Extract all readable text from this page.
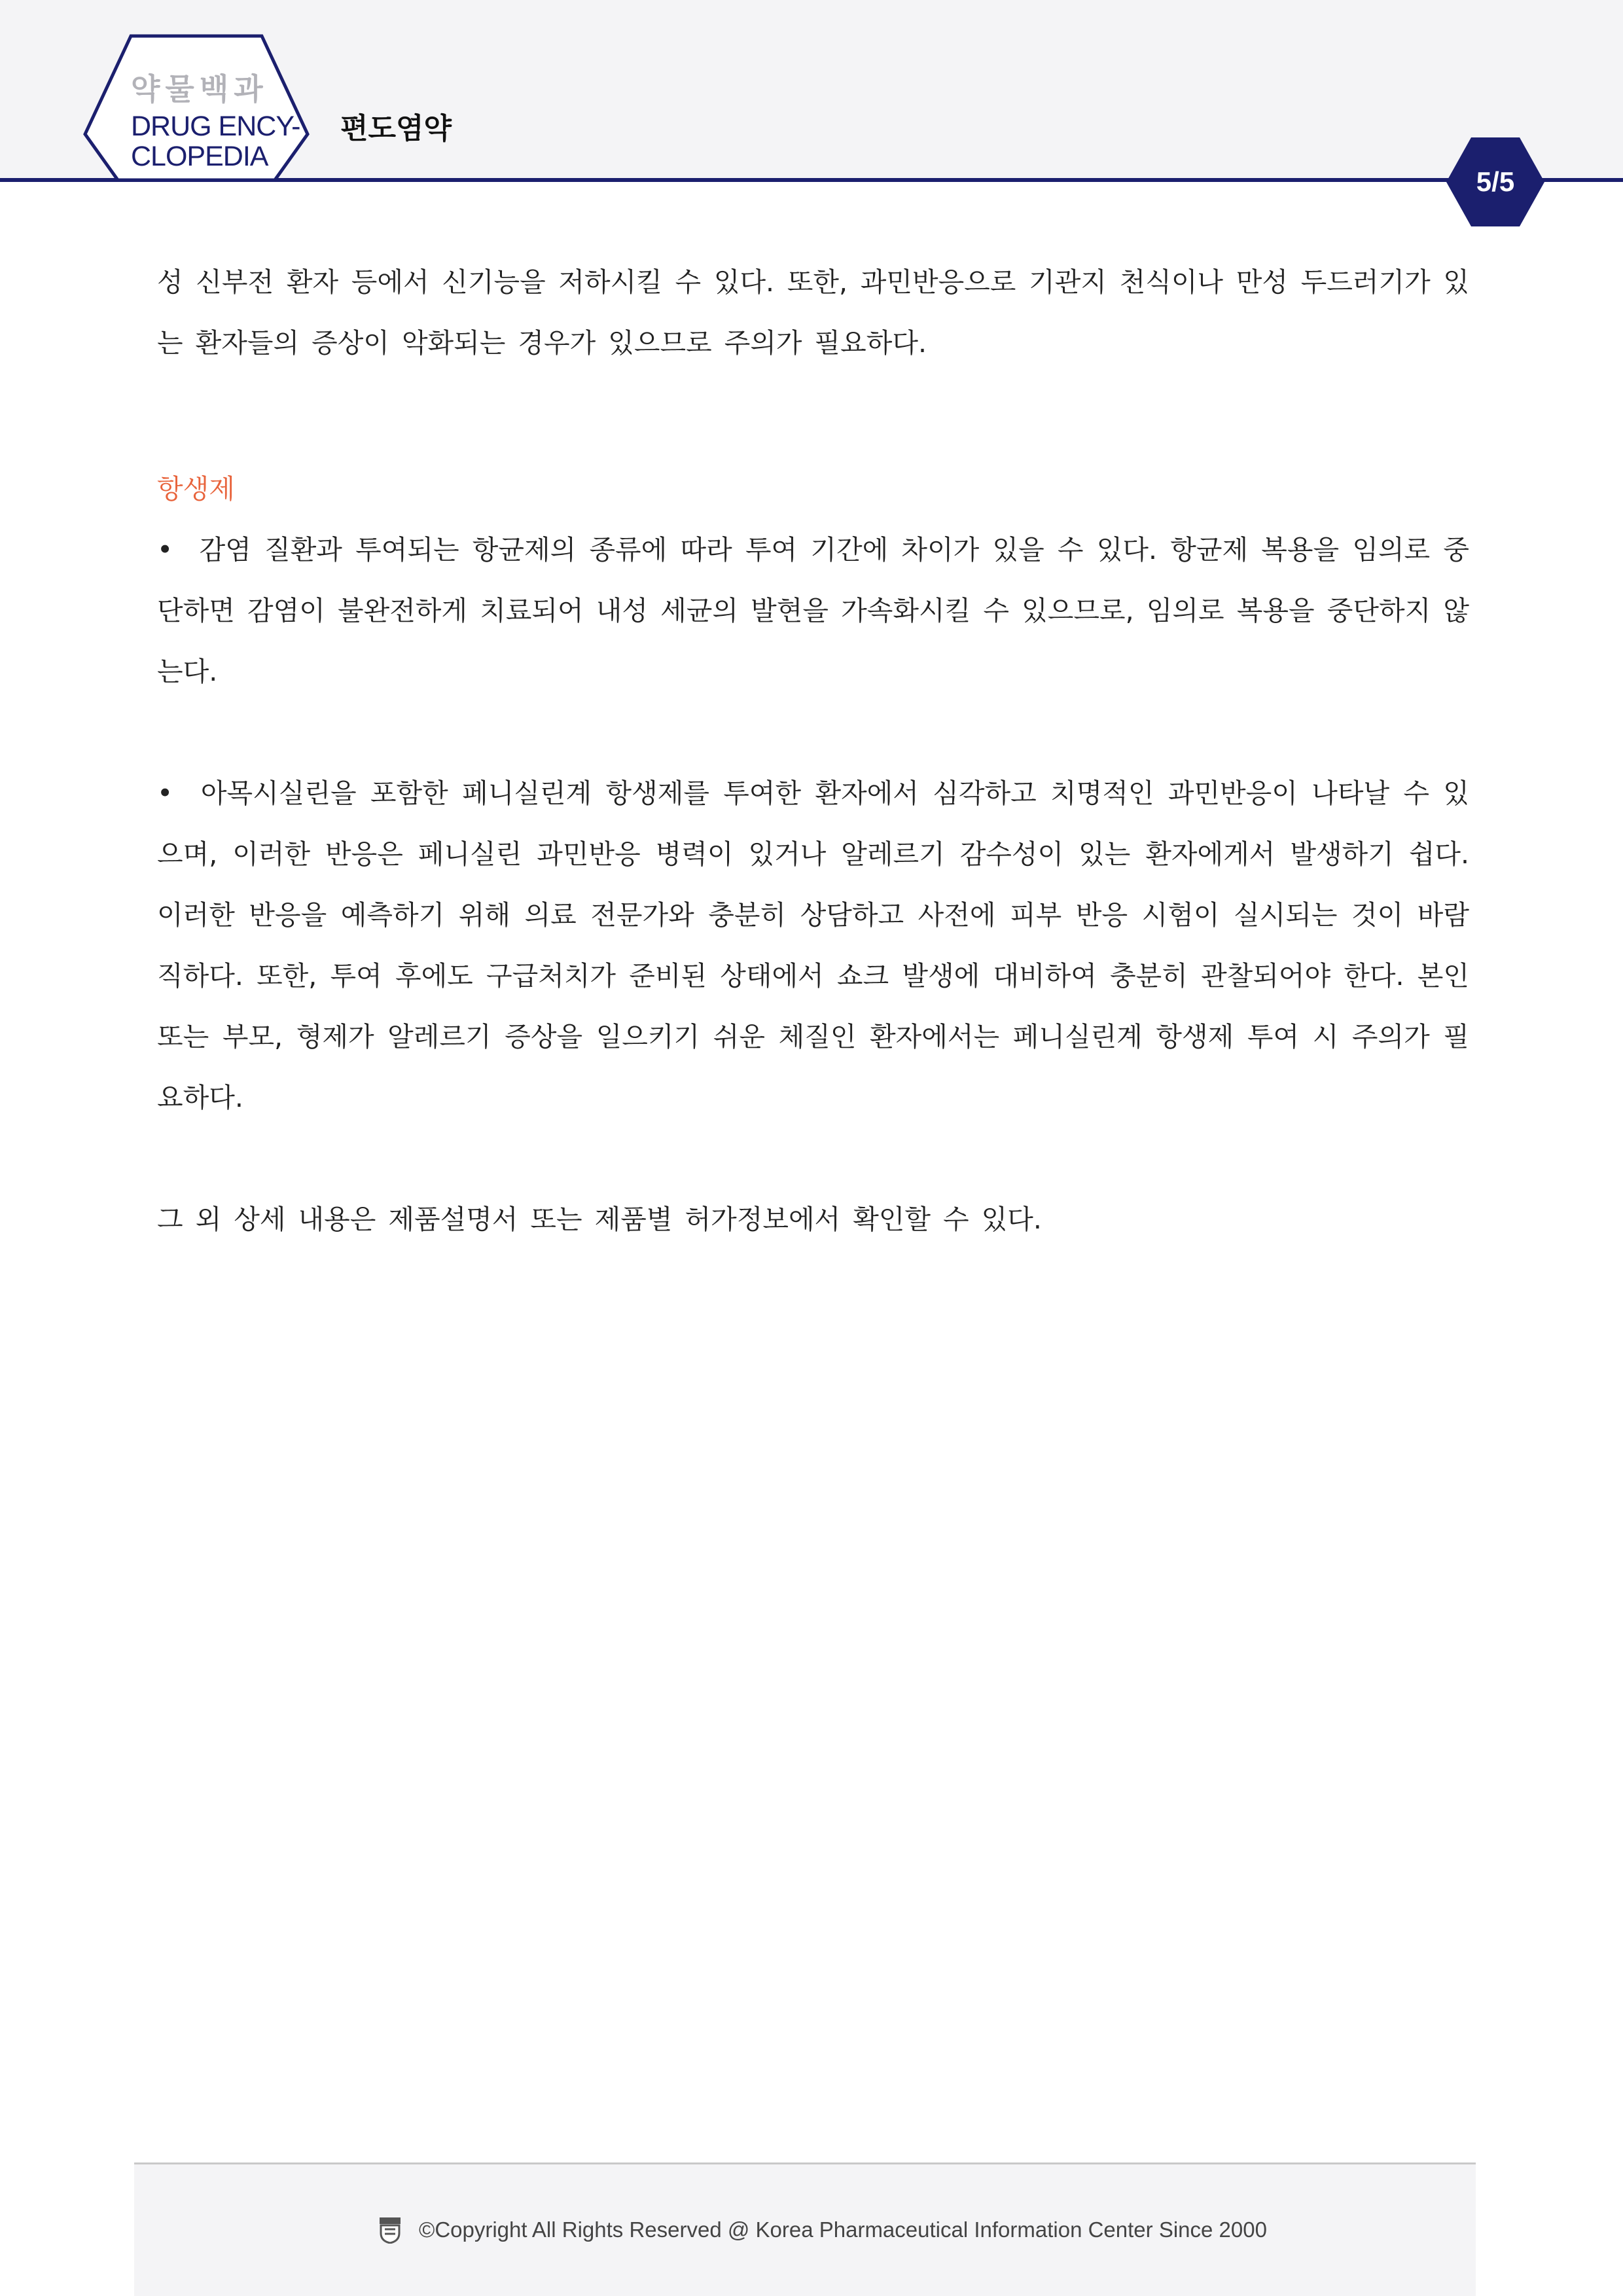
약물백과
DRUG ENCY-CLOPEDIA
편도염약
5/5

성 신부전 환자 등에서 신기능을 저하시킬 수 있다. 또한, 과민반응으로 기관지 천식이나 만성 두드러기가 있는 환자들의 증상이 악화되는 경우가 있으므로 주의가 필요하다.

항생제

• 감염 질환과 투여되는 항균제의 종류에 따라 투여 기간에 차이가 있을 수 있다. 항균제 복용을 임의로 중단하면 감염이 불완전하게 치료되어 내성 세균의 발현을 가속화시킬 수 있으므로, 임의로 복용을 중단하지 않는다.

• 아목시실린을 포함한 페니실린계 항생제를 투여한 환자에서 심각하고 치명적인 과민반응이 나타날 수 있으며, 이러한 반응은 페니실린 과민반응 병력이 있거나 알레르기 감수성이 있는 환자에게서 발생하기 쉽다. 이러한 반응을 예측하기 위해 의료 전문가와 충분히 상담하고 사전에 피부 반응 시험이 실시되는 것이 바람직하다. 또한, 투여 후에도 구급처치가 준비된 상태에서 쇼크 발생에 대비하여 충분히 관찰되어야 한다. 본인 또는 부모, 형제가 알레르기 증상을 일으키기 쉬운 체질인 환자에서는 페니실린계 항생제 투여 시 주의가 필요하다.

그 외 상세 내용은 제품설명서 또는 제품별 허가정보에서 확인할 수 있다.

©Copyright All Rights Reserved @ Korea Pharmaceutical Information Center Since 2000
